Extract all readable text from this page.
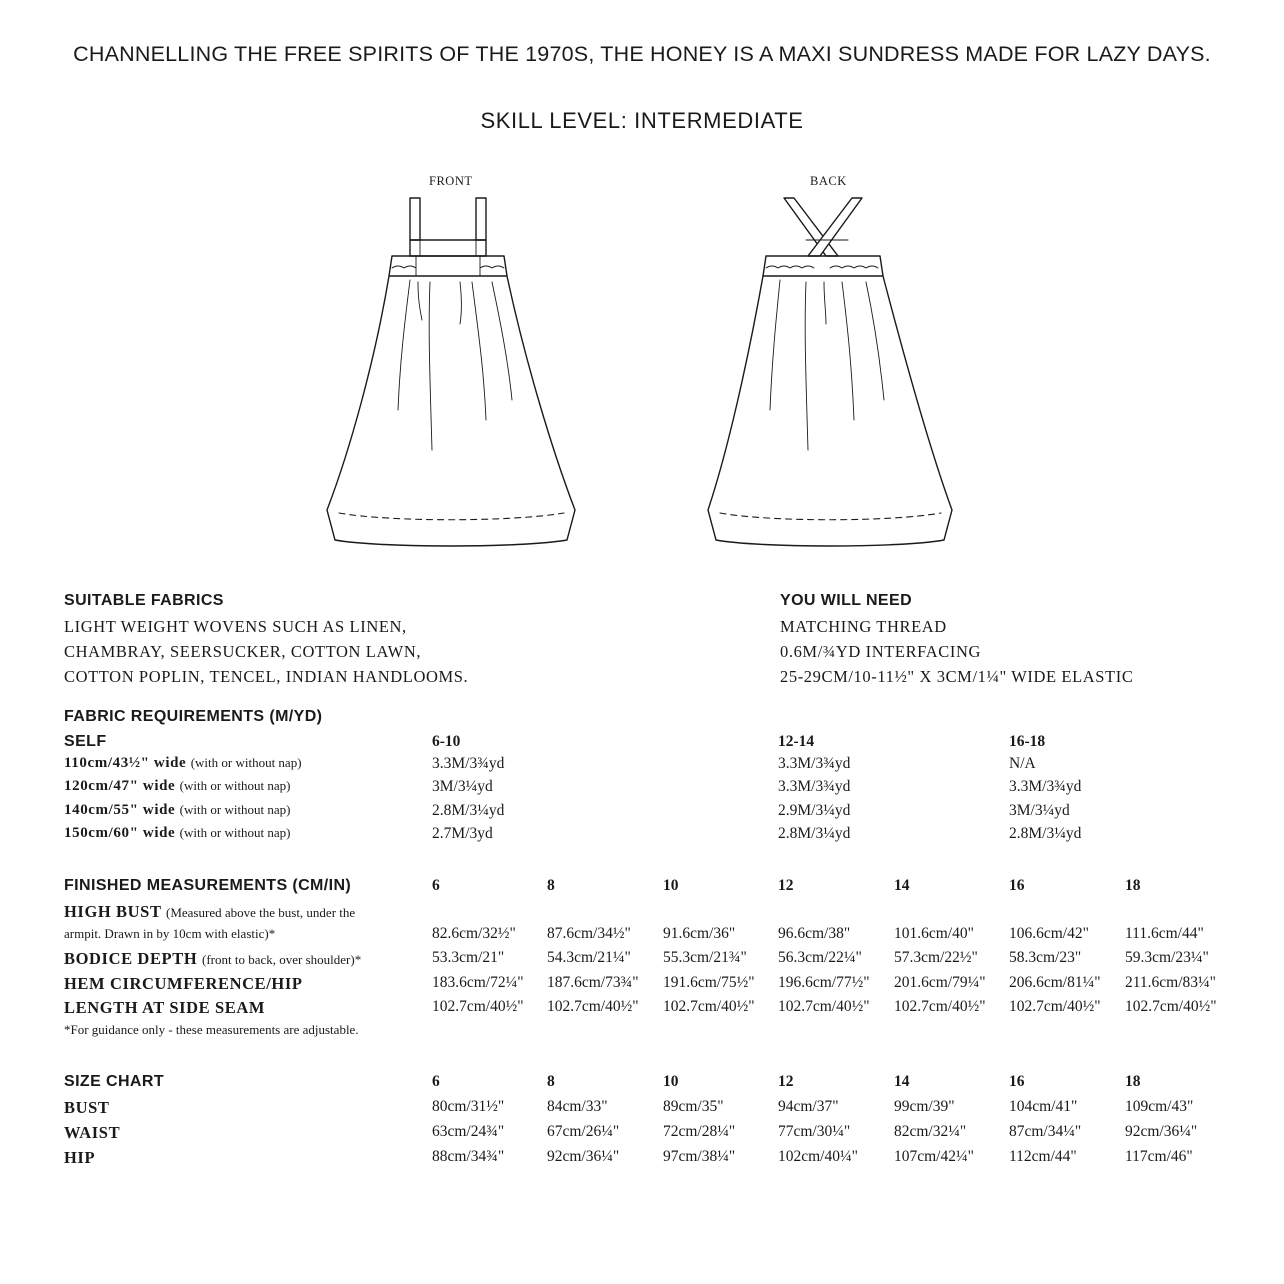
CHANNELLING THE FREE SPIRITS OF THE 1970S, THE HONEY IS A MAXI SUNDRESS MADE FOR LAZY DAYS.
SKILL LEVEL: INTERMEDIATE
FRONT	BACK
SUITABLE FABRICS
LIGHT WEIGHT WOVENS SUCH AS LINEN,
CHAMBRAY, SEERSUCKER, COTTON LAWN,
COTTON POPLIN, TENCEL, INDIAN HANDLOOMS.
YOU WILL NEED
MATCHING THREAD
0.6M/¾YD INTERFACING
25-29CM/10-11½" X 3CM/1¼" WIDE ELASTIC
FABRIC REQUIREMENTS (M/YD)
SELF	6-10	12-14	16-18
110cm/43½" wide (with or without nap)	3.3M/3¾yd	3.3M/3¾yd	N/A
120cm/47" wide (with or without nap)	3M/3¼yd	3.3M/3¾yd	3.3M/3¾yd
140cm/55" wide (with or without nap)	2.8M/3¼yd	2.9M/3¼yd	3M/3¼yd
150cm/60" wide (with or without nap)	2.7M/3yd	2.8M/3¼yd	2.8M/3¼yd
FINISHED MEASUREMENTS (CM/IN)	6	8	10	12	14	16	18
HIGH BUST (Measured above the bust, under the
armpit. Drawn in by 10cm with elastic)*	82.6cm/32½" 87.6cm/34½" 91.6cm/36"	96.6cm/38"	101.6cm/40" 106.6cm/42" 111.6cm/44"
BODICE DEPTH (front to back, over shoulder)*	53.3cm/21"	54.3cm/21¼" 55.3cm/21¾" 56.3cm/22¼" 57.3cm/22½" 58.3cm/23"	59.3cm/23¼"
HEM CIRCUMFERENCE/HIP	183.6cm/72¼" 187.6cm/73¾" 191.6cm/75½" 196.6cm/77½" 201.6cm/79¼" 206.6cm/81¼" 211.6cm/83¼"
LENGTH AT SIDE SEAM	102.7cm/40½" 102.7cm/40½" 102.7cm/40½" 102.7cm/40½" 102.7cm/40½" 102.7cm/40½" 102.7cm/40½"
*For guidance only - these measurements are adjustable.
SIZE CHART	6	8	10	12	14	16	18
BUST	80cm/31½"	84cm/33"	89cm/35"	94cm/37"	99cm/39"	104cm/41"	109cm/43"
WAIST	63cm/24¾"	67cm/26¼"	72cm/28¼"	77cm/30¼"	82cm/32¼"	87cm/34¼"	92cm/36¼"
HIP	88cm/34¾"	92cm/36¼"	97cm/38¼"	102cm/40¼" 107cm/42¼" 112cm/44"	117cm/46"
